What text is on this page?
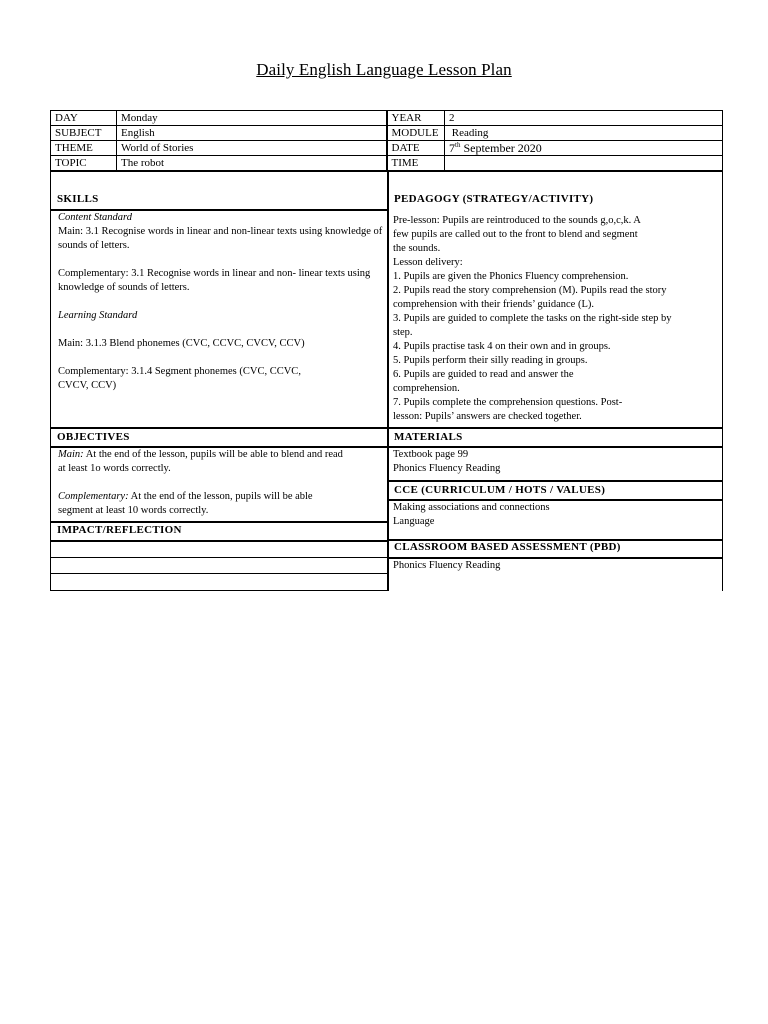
Daily English Language Lesson Plan
DAY	Monday	YEAR	2
SUBJECT	English	MODULE	Reading
THEME	World of Stories	DATE	7th September 2020
TOPIC	The robot	TIME	
SKILLS

Content Standard

Main: 3.1 Recognise words in linear and non-linear texts using knowledge of sounds of letters.

Complementary: 3.1 Recognise words in linear and non- linear texts using knowledge of sounds of letters.

Learning Standard

Main: 3.1.3 Blend phonemes (CVC, CCVC, CVCV, CCV)

Complementary: 3.1.4 Segment phonemes (CVC, CCVC,

CVCV, CCV)

OBJECTIVES

Main: At the end of the lesson, pupils will be able to blend and read

at least 1o words correctly.

Complementary: At the end of the lesson, pupils will be able

segment at least 10 words correctly.

IMPACT/REFLECTION
PEDAGOGY (STRATEGY/ACTIVITY)

Pre-lesson: Pupils are reintroduced to the sounds g,o,c,k. A

few pupils are called out to the front to blend and segment

the sounds.

Lesson delivery:

1. Pupils are given the Phonics Fluency comprehension.

2. Pupils read the story comprehension (M). Pupils read the story

comprehension with their friends’ guidance (L).

3. Pupils are guided to complete the tasks on the right-side step by

step.

4. Pupils practise task 4 on their own and in groups.

5. Pupils perform their silly reading in groups.

6. Pupils are guided to read and answer the

comprehension.

7. Pupils complete the comprehension questions. Post-

lesson: Pupils’ answers are checked together.

MATERIALS

Textbook page 99

Phonics Fluency Reading

CCE (CURRICULUM / HOTS / VALUES)

Making associations and connections

Language

CLASSROOM BASED ASSESSMENT (PBD)

Phonics Fluency Reading
